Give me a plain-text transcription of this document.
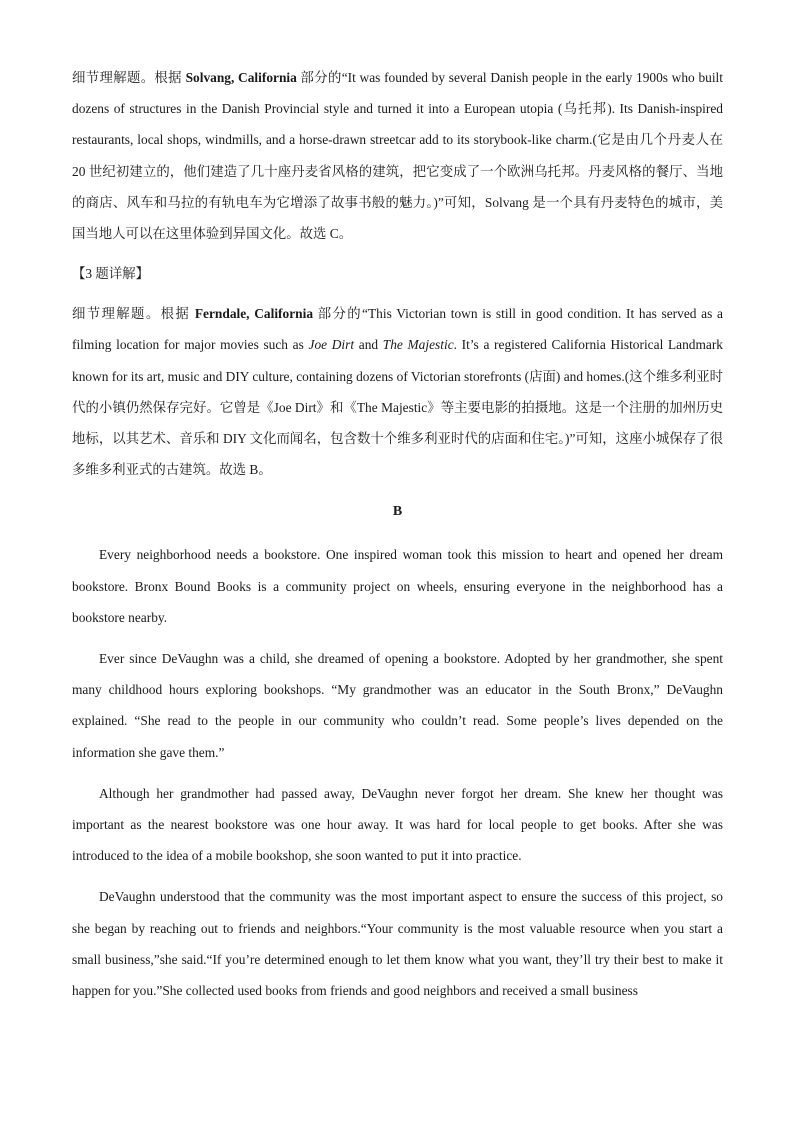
细节理解题。根据 Solvang, California 部分的“It was founded by several Danish people in the early 1900s who built dozens of structures in the Danish Provincial style and turned it into a European utopia (乌托邦). Its Danish-inspired restaurants, local shops, windmills, and a horse-drawn streetcar add to its storybook-like charm.(它是由几个丹麦人在 20 世纪初建立的，他们建造了几十座丹麦省风格的建筑，把它变成了一个欧洲乌托邦。丹麦风格的餐厅、当地的商店、风车和马拉的有轨电车为它增添了故事书般的魅力。)”可知，Solvang 是一个具有丹麦特色的城市，美国当地人可以在这里体验到异国文化。故选 C。

【3 题详解】

细节理解题。根据 Ferndale, California 部分的“This Victorian town is still in good condition. It has served as a filming location for major movies such as Joe Dirt and The Majestic. It’s a registered California Historical Landmark known for its art, music and DIY culture, containing dozens of Victorian storefronts (店面) and homes.(这个维多利亚时代的小镇仍然保存完好。它曾是《Joe Dirt》和《The Majestic》等主要电影的拍摄地。这是一个注册的加州历史地标，以其艺术、音乐和 DIY 文化而闻名，包含数十个维多利亚时代的店面和住宅。)”可知，这座小城保存了很多维多利亚式的古建筑。故选 B。

B

Every neighborhood needs a bookstore. One inspired woman took this mission to heart and opened her dream bookstore. Bronx Bound Books is a community project on wheels, ensuring everyone in the neighborhood has a bookstore nearby.

Ever since DeVaughn was a child, she dreamed of opening a bookstore. Adopted by her grandmother, she spent many childhood hours exploring bookshops. “My grandmother was an educator in the South Bronx,” DeVaughn explained. “She read to the people in our community who couldn’t read. Some people’s lives depended on the information she gave them.”

Although her grandmother had passed away, DeVaughn never forgot her dream. She knew her thought was important as the nearest bookstore was one hour away. It was hard for local people to get books. After she was introduced to the idea of a mobile bookshop, she soon wanted to put it into practice.

DeVaughn understood that the community was the most important aspect to ensure the success of this project, so she began by reaching out to friends and neighbors.“Your community is the most valuable resource when you start a small business,”she said.“If you’re determined enough to let them know what you want, they’ll try their best to make it happen for you.”She collected used books from friends and good neighbors and received a small business
